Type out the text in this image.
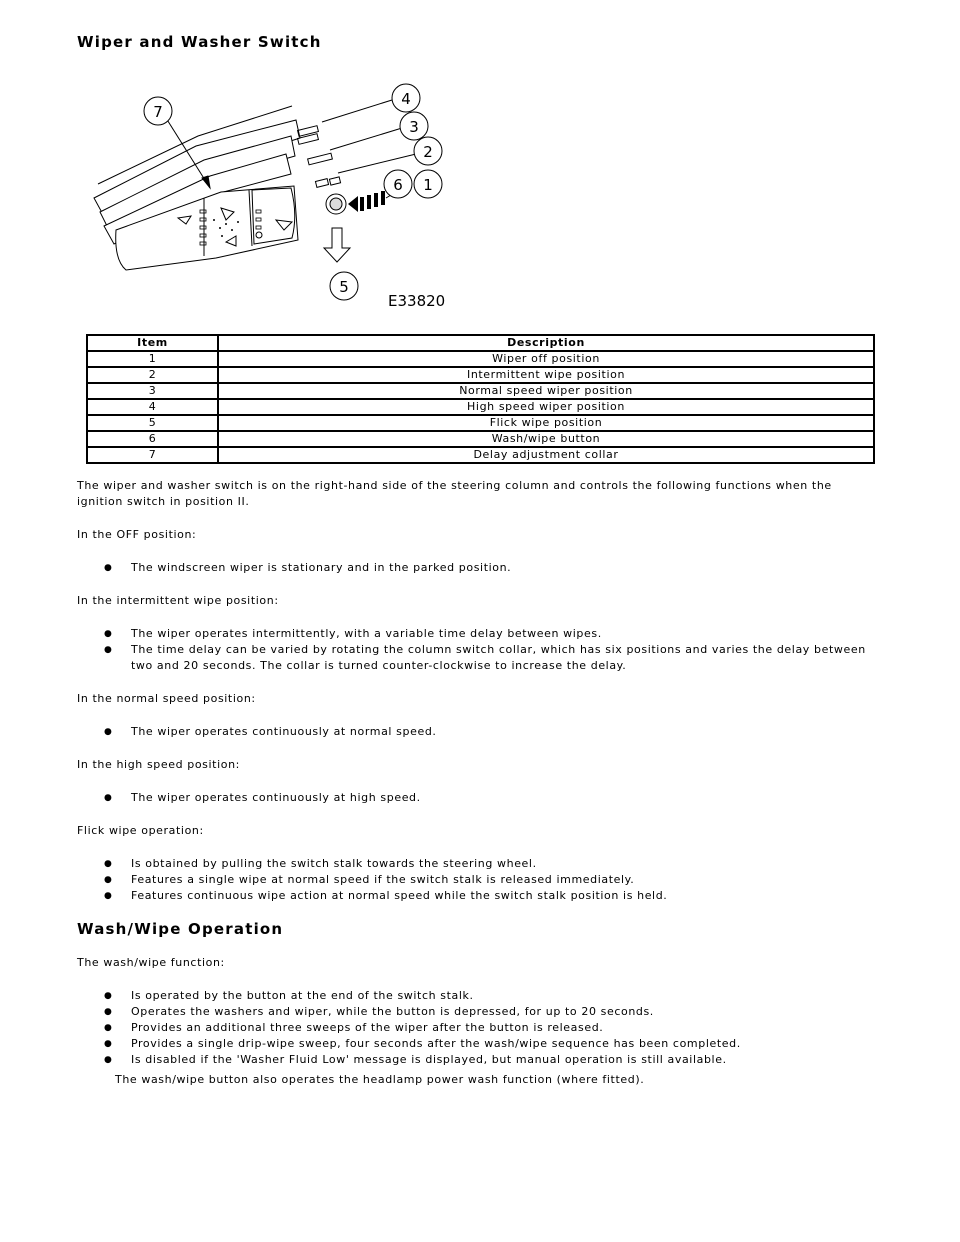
Wiper and Washer Switch
7
4
3
2
6 1
5
E33820
Item	Description
1	Wiper off position
2	Intermittent wipe position
3	Normal speed wiper position
4	High speed wiper position
5	Flick wipe position
6	Wash/wipe button
7	Delay adjustment collar

The wiper and washer switch is on the right-hand side of the steering column and controls the following functions when the ignition switch in position II.

In the OFF position:

● The windscreen wiper is stationary and in the parked position.

In the intermittent wipe position:

● The wiper operates intermittently, with a variable time delay between wipes.
● The time delay can be varied by rotating the column switch collar, which has six positions and varies the delay between two and 20 seconds. The collar is turned counter-clockwise to increase the delay.

In the normal speed position:

● The wiper operates continuously at normal speed.

In the high speed position:

● The wiper operates continuously at high speed.

Flick wipe operation:

● Is obtained by pulling the switch stalk towards the steering wheel.
● Features a single wipe at normal speed if the switch stalk is released immediately.
● Features continuous wipe action at normal speed while the switch stalk position is held.
Wash/Wipe Operation

The wash/wipe function:

● Is operated by the button at the end of the switch stalk.
● Operates the washers and wiper, while the button is depressed, for up to 20 seconds.
● Provides an additional three sweeps of the wiper after the button is released.
● Provides a single drip-wipe sweep, four seconds after the wash/wipe sequence has been completed.
● Is disabled if the 'Washer Fluid Low' message is displayed, but manual operation is still available.

The wash/wipe button also operates the headlamp power wash function (where fitted).
